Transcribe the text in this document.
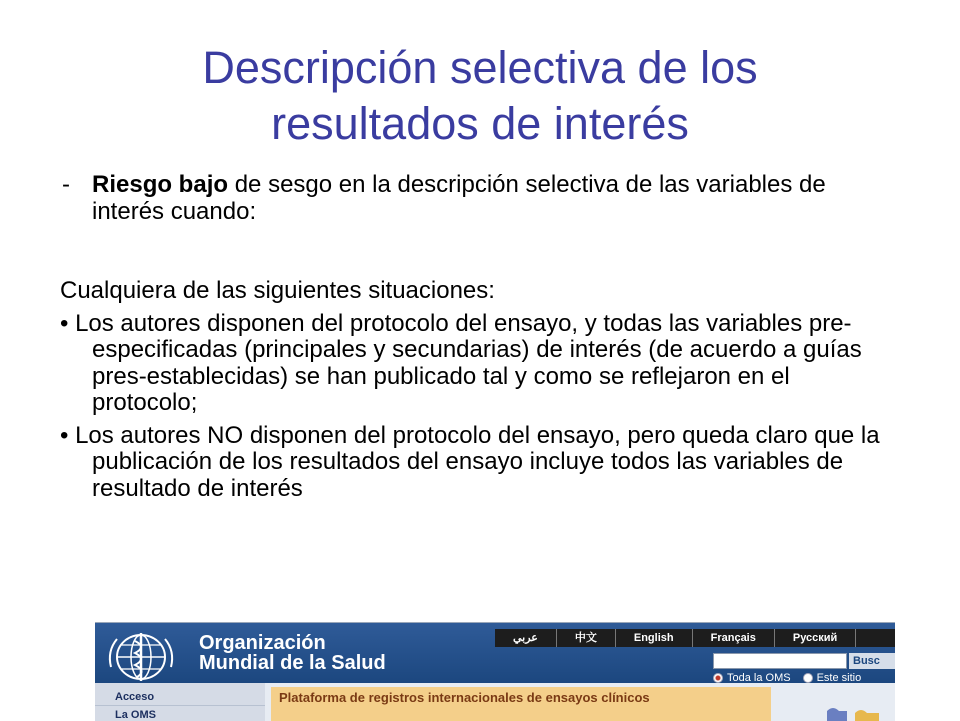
Descripción selectiva de los
resultados de interés
- Riesgo bajo de sesgo en la descripción selectiva de las variables de interés cuando:
Cualquiera de las siguientes situaciones:
• Los autores disponen del protocolo del ensayo, y todas las variables pre-especificadas (principales y secundarias) de interés (de acuerdo a guías pres-establecidas) se han publicado tal y como se reflejaron en el protocolo;
• Los autores NO disponen del protocolo del ensayo, pero queda claro que la publicación de los resultados del ensayo incluye todos las variables de resultado de interés
Organización
Mundial de la Salud
عربي	中文	English	Français	Русский
Busc
Toda la OMS Este sitio
Acceso
La OMS
Plataforma de registros internacionales de ensayos clínicos
